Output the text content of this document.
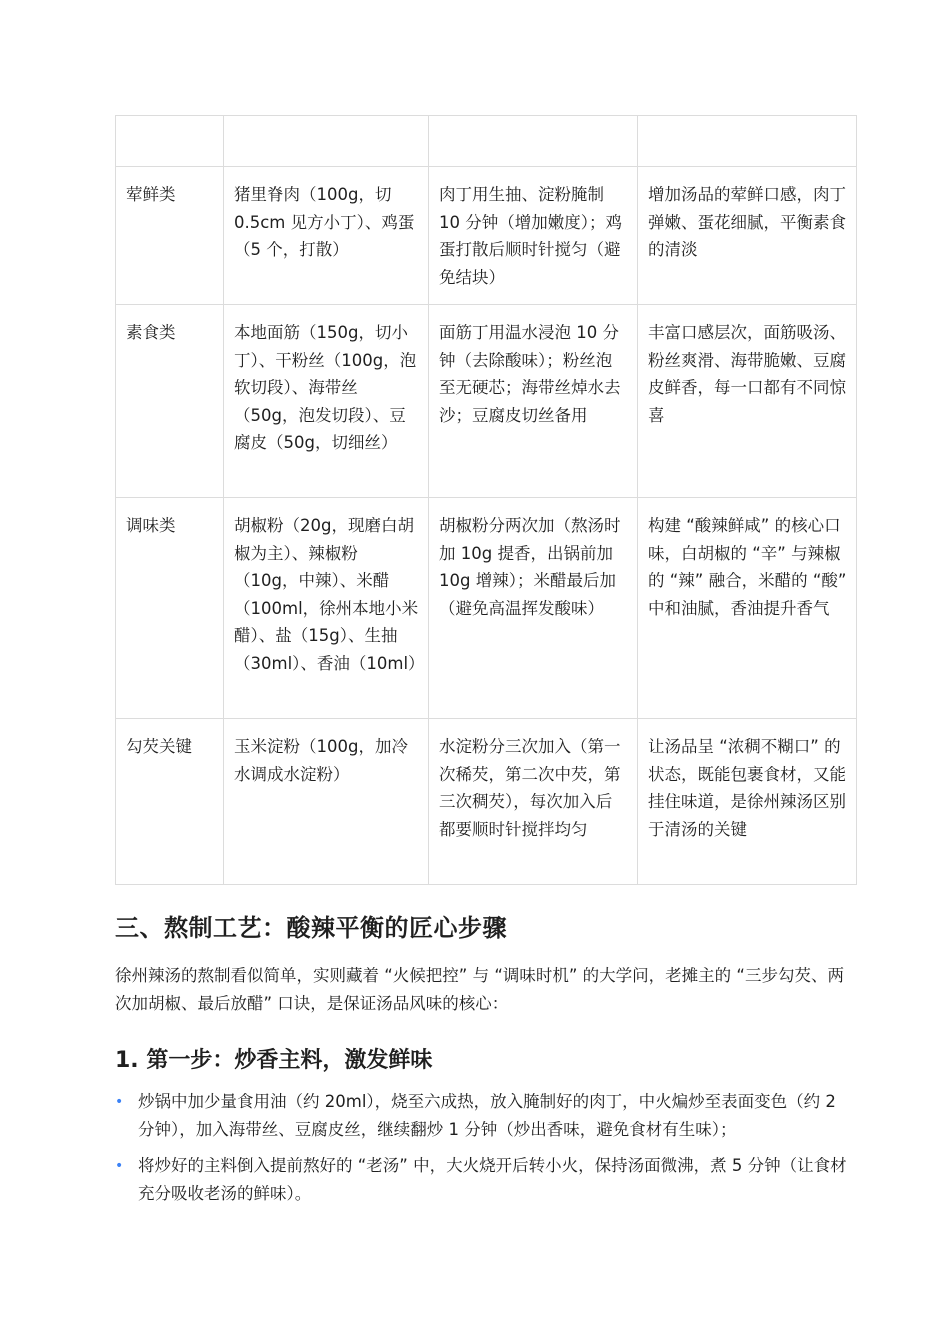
荤鲜类	猪里脊肉（100g，切 0.5cm 见方小丁）、鸡蛋（5 个，打散）	肉丁用生抽、淀粉腌制 10 分钟（增加嫩度）；鸡蛋打散后顺时针搅匀（避免结块）	增加汤品的荤鲜口感，肉丁弹嫩、蛋花细腻，平衡素食的清淡
素食类	本地面筋（150g，切小丁）、干粉丝（100g，泡软切段）、海带丝（50g，泡发切段）、豆腐皮（50g，切细丝）	面筋丁用温水浸泡 10 分钟（去除酸味）；粉丝泡至无硬芯；海带丝焯水去沙；豆腐皮切丝备用	丰富口感层次，面筋吸汤、粉丝爽滑、海带脆嫩、豆腐皮鲜香，每一口都有不同惊喜
调味类	胡椒粉（20g，现磨白胡椒为主）、辣椒粉（10g，中辣）、米醋（100ml，徐州本地小米醋）、盐（15g）、生抽（30ml）、香油（10ml）	胡椒粉分两次加（熬汤时加 10g 提香，出锅前加 10g 增辣）；米醋最后加（避免高温挥发酸味）	构建 “酸辣鲜咸” 的核心口味，白胡椒的 “辛” 与辣椒的 “辣” 融合，米醋的 “酸” 中和油腻，香油提升香气
勾芡关键	玉米淀粉（100g，加冷水调成水淀粉）	水淀粉分三次加入（第一次稀芡，第二次中芡，第三次稠芡），每次加入后都要顺时针搅拌均匀	让汤品呈 “浓稠不糊口” 的状态，既能包裹食材，又能挂住味道，是徐州辣汤区别于清汤的关键
三、熬制工艺：酸辣平衡的匠心步骤

徐州辣汤的熬制看似简单，实则藏着 “火候把控” 与 “调味时机” 的大学问，老摊主的 “三步勾芡、两次加胡椒、最后放醋” 口诀，是保证汤品风味的核心：

1. 第一步：炒香主料，激发鲜味
• 炒锅中加少量食用油（约 20ml），烧至六成热，放入腌制好的肉丁，中火煸炒至表面变色（约 2 分钟），加入海带丝、豆腐皮丝，继续翻炒 1 分钟（炒出香味，避免食材有生味）；
• 将炒好的主料倒入提前熬好的 “老汤” 中，大火烧开后转小火，保持汤面微沸，煮 5 分钟（让食材充分吸收老汤的鲜味）。
